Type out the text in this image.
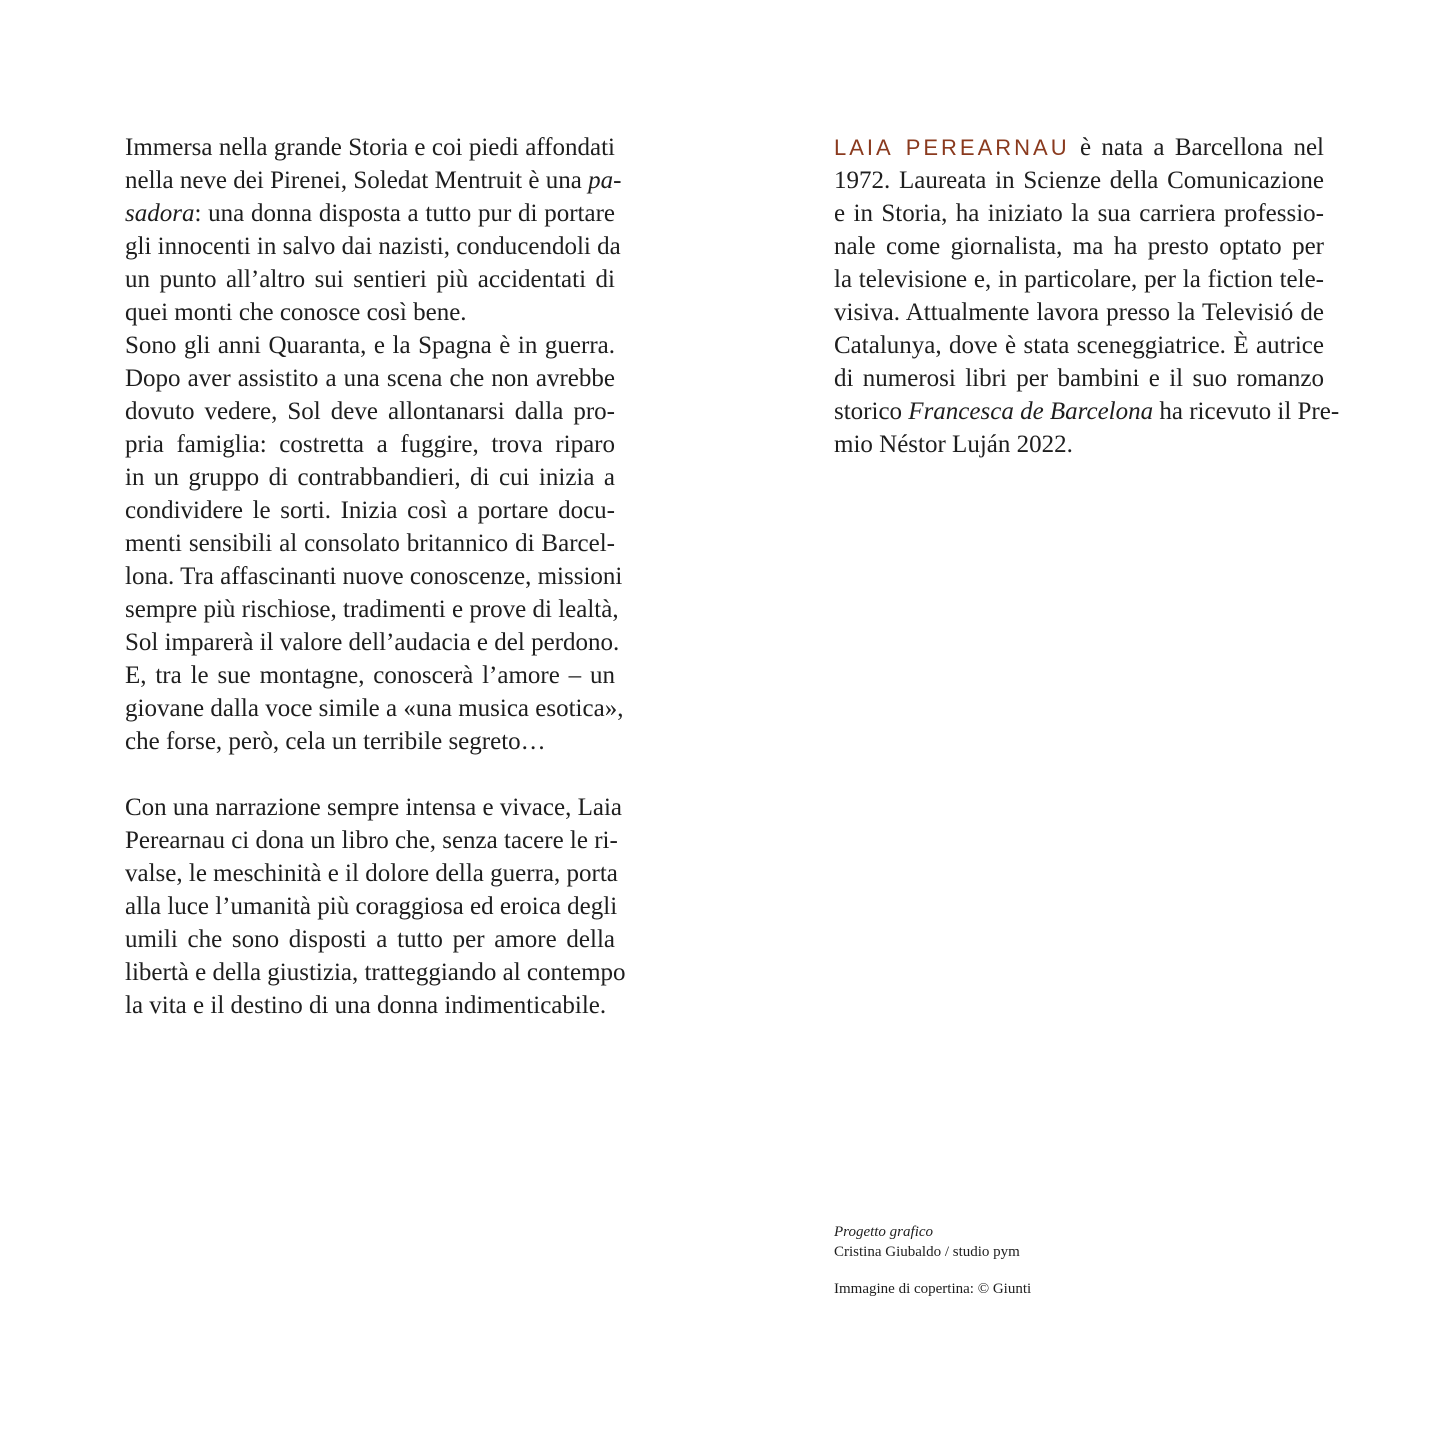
Immersa nella grande Storia e coi piedi affondati
nella neve dei Pirenei, Soledat Mentruit è una pa-
sadora: una donna disposta a tutto pur di portare
gli innocenti in salvo dai nazisti, conducendoli da
un punto all’altro sui sentieri più accidentati di
quei monti che conosce così bene.
Sono gli anni Quaranta, e la Spagna è in guerra.
Dopo aver assistito a una scena che non avrebbe
dovuto vedere, Sol deve allontanarsi dalla pro-
pria famiglia: costretta a fuggire, trova riparo
in un gruppo di contrabbandieri, di cui inizia a
condividere le sorti. Inizia così a portare docu-
menti sensibili al consolato britannico di Barcel-
lona. Tra affascinanti nuove conoscenze, missioni
sempre più rischiose, tradimenti e prove di lealtà,
Sol imparerà il valore dell’audacia e del perdono.
E, tra le sue montagne, conoscerà l’amore – un
giovane dalla voce simile a «una musica esotica»,
che forse, però, cela un terribile segreto…
Con una narrazione sempre intensa e vivace, Laia
Perearnau ci dona un libro che, senza tacere le ri-
valse, le meschinità e il dolore della guerra, porta
alla luce l’umanità più coraggiosa ed eroica degli
umili che sono disposti a tutto per amore della
libertà e della giustizia, tratteggiando al contempo
la vita e il destino di una donna indimenticabile.
LAIA PEREARNAU è nata a Barcellona nel
1972. Laureata in Scienze della Comunicazione
e in Storia, ha iniziato la sua carriera professio-
nale come giornalista, ma ha presto optato per
la televisione e, in particolare, per la fiction tele-
visiva. Attualmente lavora presso la Televisió de
Catalunya, dove è stata sceneggiatrice. È autrice
di numerosi libri per bambini e il suo romanzo
storico Francesca de Barcelona ha ricevuto il Pre-
mio Néstor Luján 2022.
Progetto grafico
Cristina Giubaldo / studio pym
Immagine di copertina: © Giunti
